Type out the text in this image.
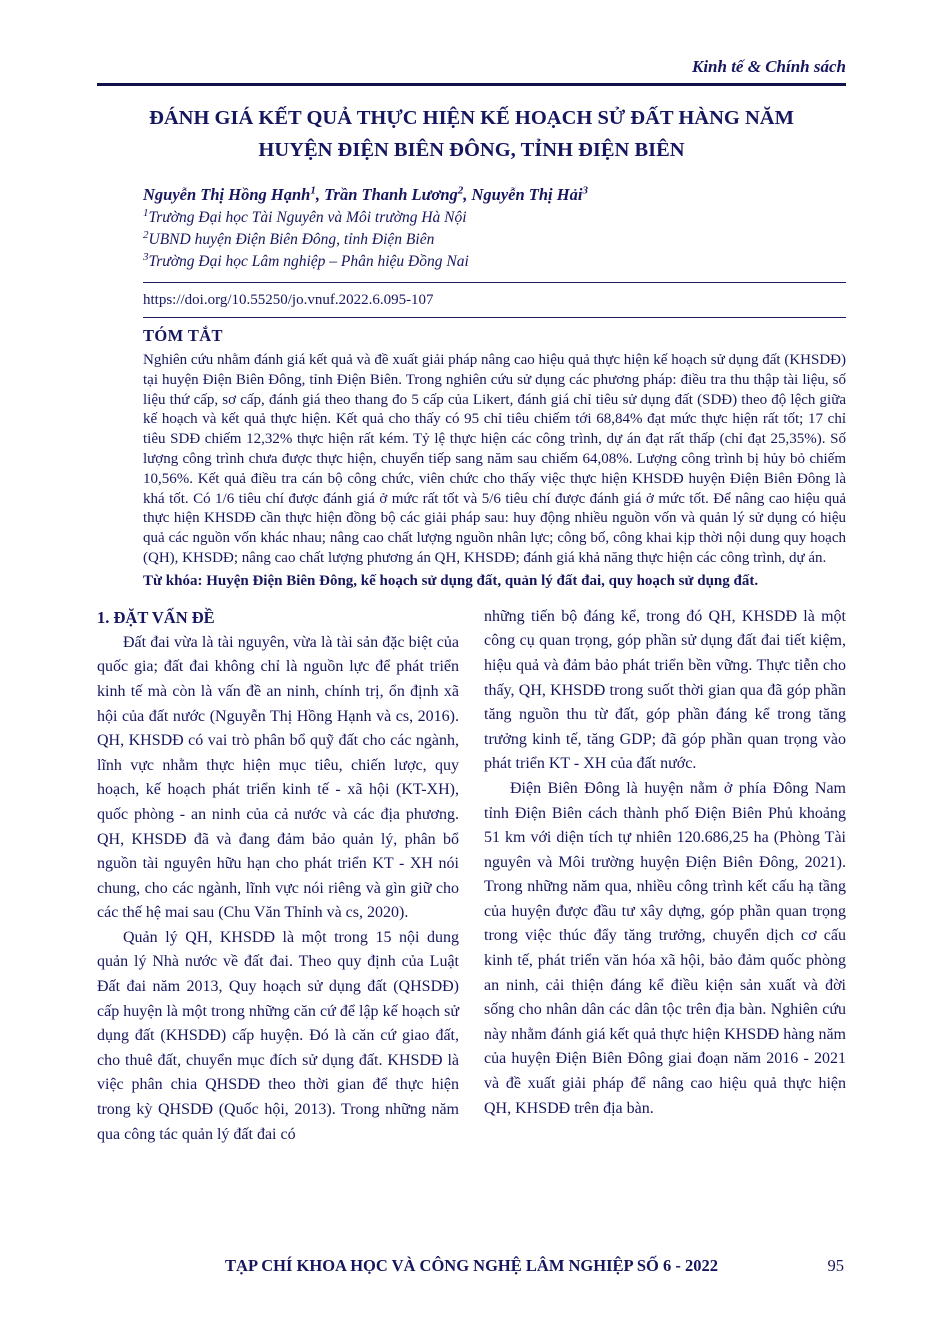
Kinh tế & Chính sách
ĐÁNH GIÁ KẾT QUẢ THỰC HIỆN KẾ HOẠCH SỬ ĐẤT HÀNG NĂM
HUYỆN ĐIỆN BIÊN ĐÔNG, TỈNH ĐIỆN BIÊN

Nguyễn Thị Hồng Hạnh$^1$, Trần Thanh Lương$^2$, Nguyễn Thị Hải$^3$

$^1$Trường Đại học Tài Nguyên và Môi trường Hà Nội

$^2$UBND huyện Điện Biên Đông, tỉnh Điện Biên

$^3$Trường Đại học Lâm nghiệp – Phân hiệu Đồng Nai

https://doi.org/10.55250/jo.vnuf.2022.6.095-107

TÓM TẮT

Nghiên cứu nhằm đánh giá kết quả và đề xuất giải pháp nâng cao hiệu quả thực hiện kế hoạch sử dụng đất (KHSDĐ) tại huyện Điện Biên Đông, tỉnh Điện Biên. Trong nghiên cứu sử dụng các phương pháp: điều tra thu thập tài liệu, số liệu thứ cấp, sơ cấp, đánh giá theo thang đo 5 cấp của Likert, đánh giá chỉ tiêu sử dụng đất (SDĐ) theo độ lệch giữa kế hoạch và kết quả thực hiện. Kết quả cho thấy có 95 chỉ tiêu chiếm tới 68,84% đạt mức thực hiện rất tốt; 17 chỉ tiêu SDĐ chiếm 12,32% thực hiện rất kém. Tỷ lệ thực hiện các công trình, dự án đạt rất thấp (chỉ đạt 25,35%). Số lượng công trình chưa được thực hiện, chuyển tiếp sang năm sau chiếm 64,08%. Lượng công trình bị hủy bỏ chiếm 10,56%. Kết quả điều tra cán bộ công chức, viên chức cho thấy việc thực hiện KHSDĐ huyện Điện Biên Đông là khá tốt. Có 1/6 tiêu chí được đánh giá ở mức rất tốt và 5/6 tiêu chí được đánh giá ở mức tốt. Để nâng cao hiệu quả thực hiện KHSDĐ cần thực hiện đồng bộ các giải pháp sau: huy động nhiều nguồn vốn và quản lý sử dụng có hiệu quả các nguồn vốn khác nhau; nâng cao chất lượng nguồn nhân lực; công bố, công khai kịp thời nội dung quy hoạch (QH), KHSDĐ; nâng cao chất lượng phương án QH, KHSDĐ; đánh giá khả năng thực hiện các công trình, dự án.

Từ khóa: Huyện Điện Biên Đông, kế hoạch sử dụng đất, quản lý đất đai, quy hoạch sử dụng đất.

1. ĐẶT VẤN ĐỀ

Đất đai vừa là tài nguyên, vừa là tài sản đặc biệt của quốc gia; đất đai không chỉ là nguồn lực để phát triển kinh tế mà còn là vấn đề an ninh, chính trị, ổn định xã hội của đất nước (Nguyễn Thị Hồng Hạnh và cs, 2016). QH, KHSDĐ có vai trò phân bổ quỹ đất cho các ngành, lĩnh vực nhằm thực hiện mục tiêu, chiến lược, quy hoạch, kế hoạch phát triển kinh tế - xã hội (KT-XH), quốc phòng - an ninh của cả nước và các địa phương. QH, KHSDĐ đã và đang đảm bảo quản lý, phân bổ nguồn tài nguyên hữu hạn cho phát triển KT - XH nói chung, cho các ngành, lĩnh vực nói riêng và gìn giữ cho các thế hệ mai sau (Chu Văn Thỉnh và cs, 2020).

Quản lý QH, KHSDĐ là một trong 15 nội dung quản lý Nhà nước về đất đai. Theo quy định của Luật Đất đai năm 2013, Quy hoạch sử dụng đất (QHSDĐ) cấp huyện là một trong những căn cứ để lập kế hoạch sử dụng đất (KHSDĐ) cấp huyện. Đó là căn cứ giao đất, cho thuê đất, chuyển mục đích sử dụng đất. KHSDĐ là việc phân chia QHSDĐ theo thời gian để thực hiện trong kỳ QHSDĐ (Quốc hội, 2013). Trong những năm qua công tác quản lý đất đai có

những tiến bộ đáng kể, trong đó QH, KHSDĐ là một công cụ quan trọng, góp phần sử dụng đất đai tiết kiệm, hiệu quả và đảm bảo phát triển bền vững. Thực tiễn cho thấy, QH, KHSDĐ trong suốt thời gian qua đã góp phần tăng nguồn thu từ đất, góp phần đáng kể trong tăng trưởng kinh tế, tăng GDP; đã góp phần quan trọng vào phát triển KT - XH của đất nước.

Điện Biên Đông là huyện nằm ở phía Đông Nam tỉnh Điện Biên cách thành phố Điện Biên Phủ khoảng 51 km với diện tích tự nhiên 120.686,25 ha (Phòng Tài nguyên và Môi trường huyện Điện Biên Đông, 2021). Trong những năm qua, nhiều công trình kết cấu hạ tầng của huyện được đầu tư xây dựng, góp phần quan trọng trong việc thúc đẩy tăng trưởng, chuyển dịch cơ cấu kinh tế, phát triển văn hóa xã hội, bảo đảm quốc phòng an ninh, cải thiện đáng kể điều kiện sản xuất và đời sống cho nhân dân các dân tộc trên địa bàn. Nghiên cứu này nhằm đánh giá kết quả thực hiện KHSDĐ hàng năm của huyện Điện Biên Đông giai đoạn năm 2016 - 2021 và đề xuất giải pháp để nâng cao hiệu quả thực hiện QH, KHSDĐ trên địa bàn.

TẠP CHÍ KHOA HỌC VÀ CÔNG NGHỆ LÂM NGHIỆP SỐ 6 - 2022	95
